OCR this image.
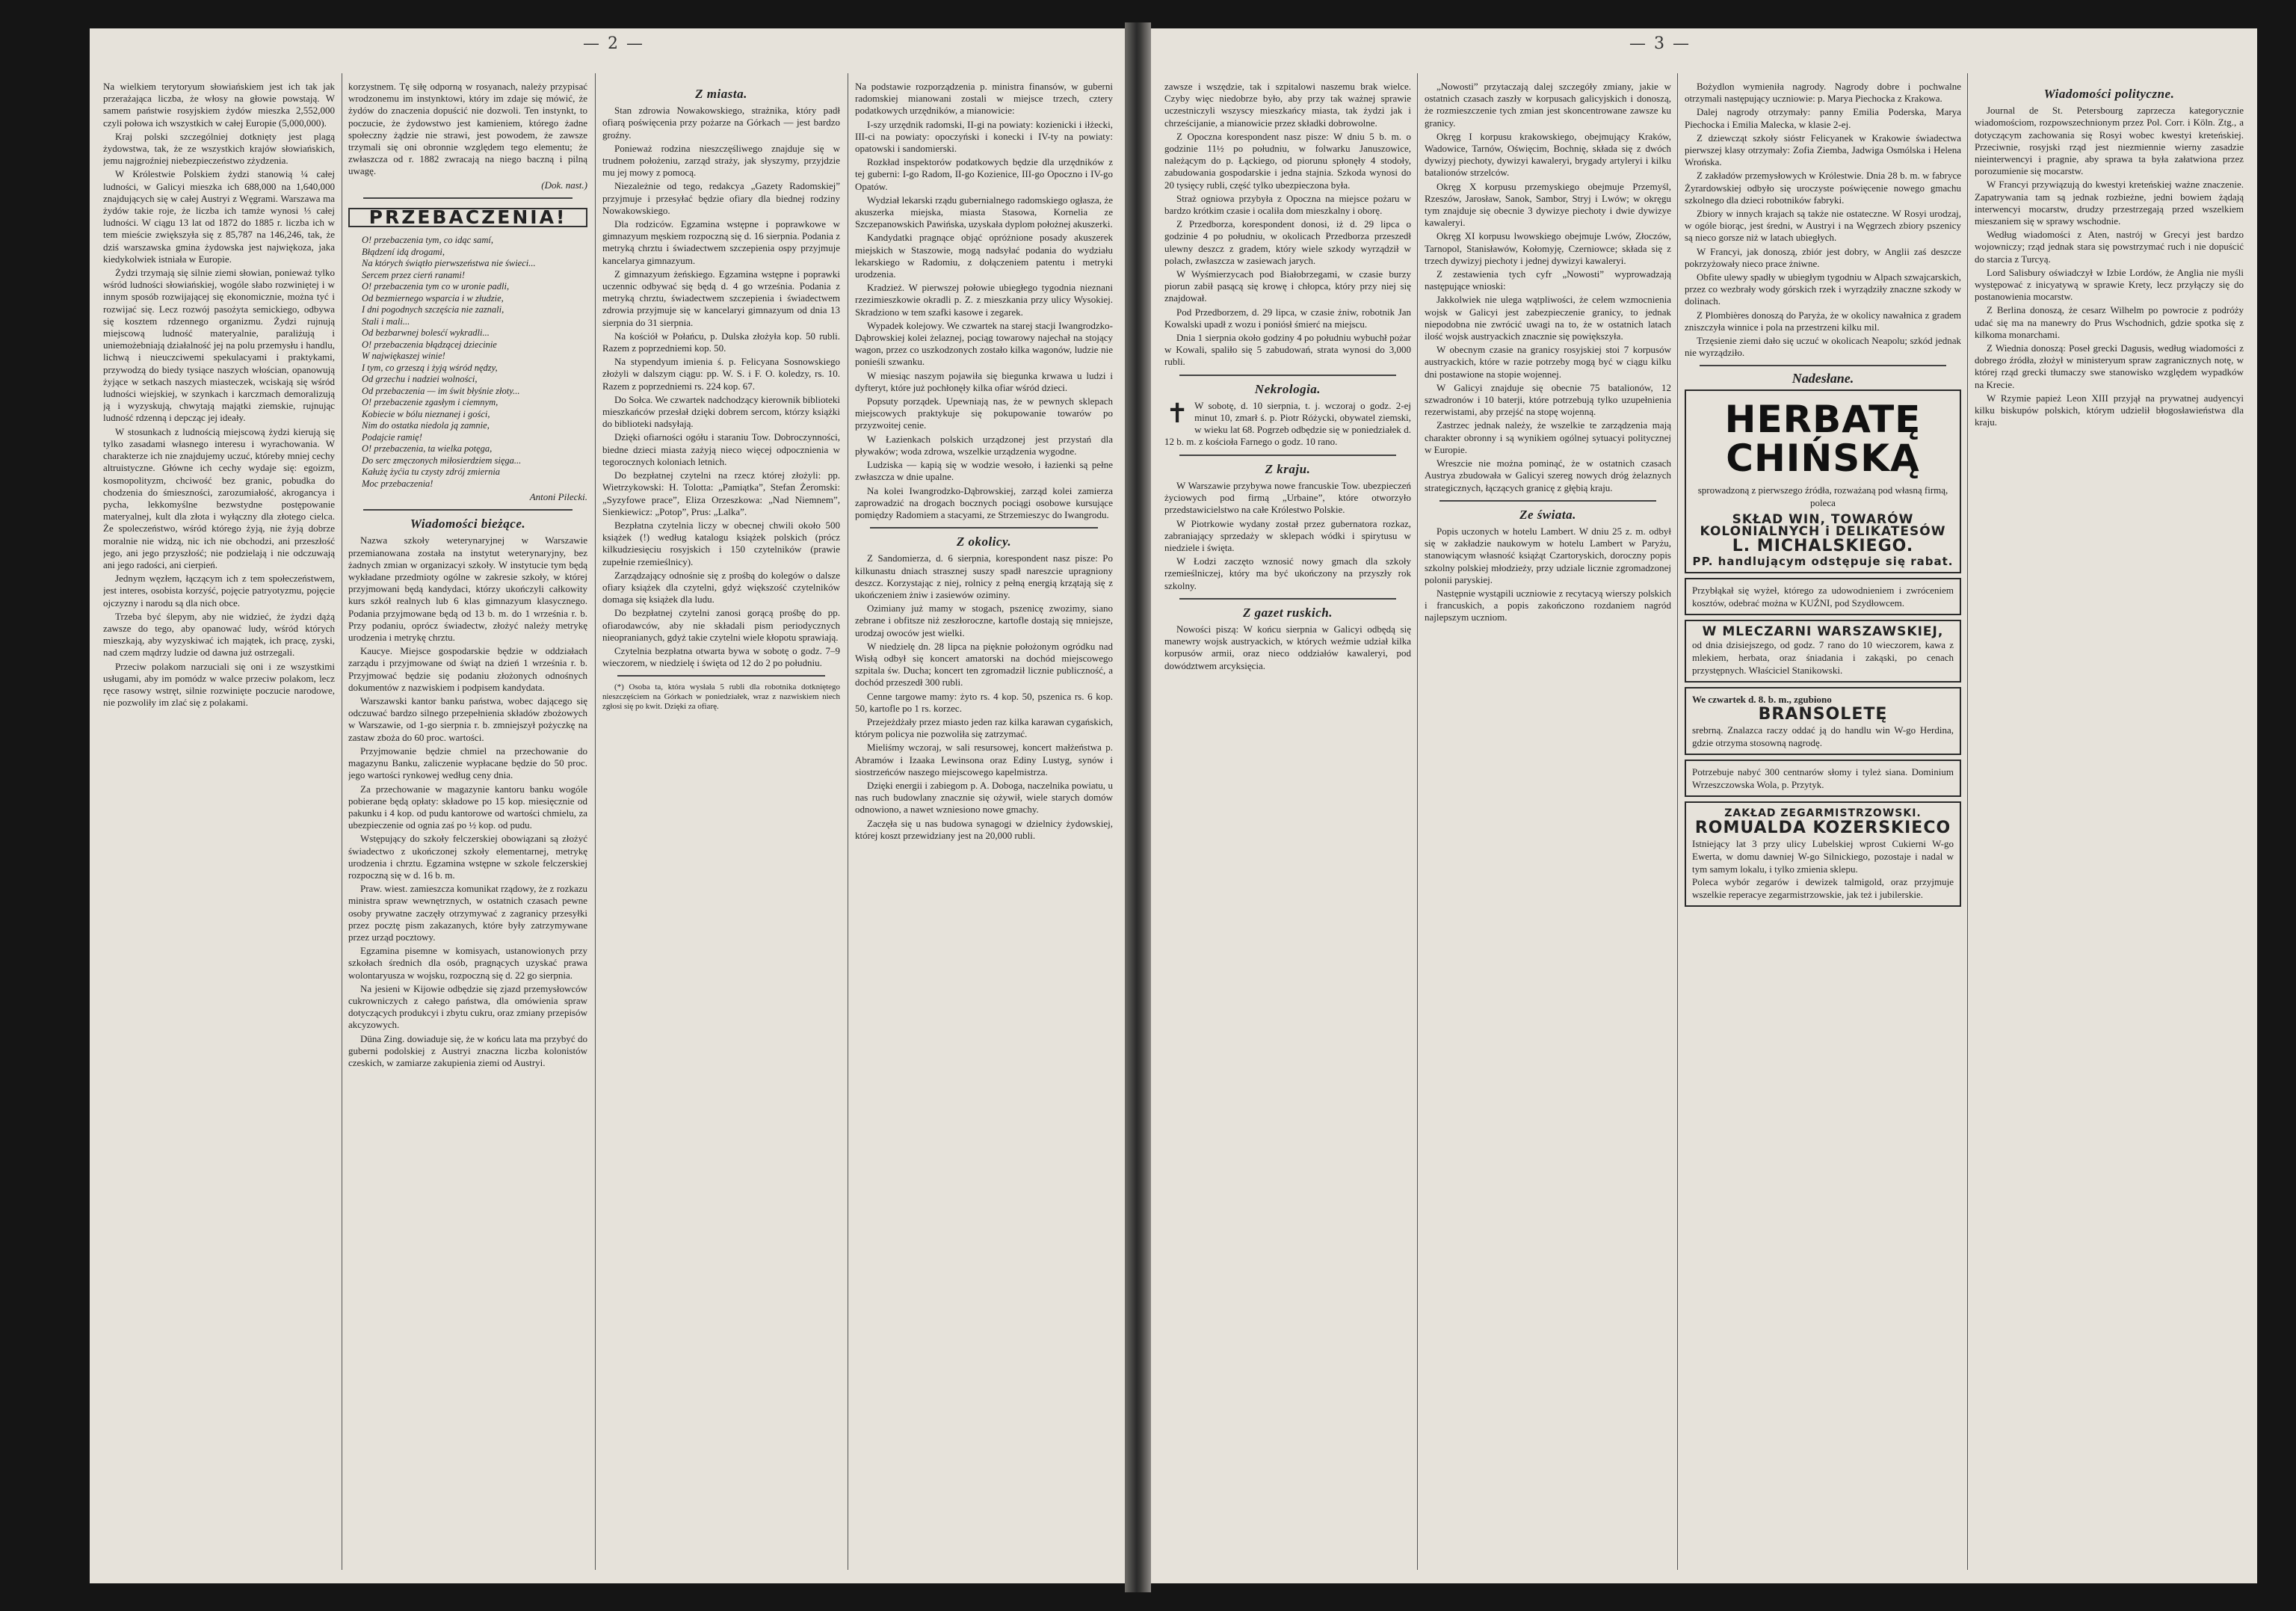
— 2 —

Na wielkiem terytoryum słowiańskiem jest ich tak jak przerażająca liczba, że włosy na głowie powstają. W samem państwie rosyjskiem żydów mieszka 2,552,000 czyli połowa ich wszystkich w całej Europie (5,000,000).

Kraj polski szczególniej dotknięty jest plagą żydowstwa, tak, że ze wszystkich krajów słowiańskich, jemu najgroźniej niebezpieczeństwo zżydzenia.

W Królestwie Polskiem żydzi stanowią ¼ całej ludności, w Galicyi mieszka ich 688,000 na 1,640,000 znajdujących się w całej Austryi z Węgrami. Warszawa ma żydów takie roje, że liczba ich tamże wynosi ⅓ całej ludności. W ciągu 13 lat od 1872 do 1885 r. liczba ich w tem mieście zwiększyła się z 85,787 na 146,246, tak, że dziś warszawska gmina żydowska jest najwiękoza, jaka kiedykolwiek istniała w Europie.

Żydzi trzymają się silnie ziemi słowian, ponieważ tylko wśród ludności słowiańskiej, wogóle słabo rozwiniętej i w innym sposób rozwijającej się ekonomicznie, można tyć i rozwijać się. Lecz rozwój pasożyta semickiego, odbywa się kosztem rdzennego organizmu. Żydzi rujnują miejscową ludność materyalnie, paraliżują i uniemożebniają działalność jej na polu przemysłu i handlu, lichwą i nieuczciwemi spekulacyami i praktykami, przywodzą do biedy tysiące naszych włościan, opanowują żyjące w setkach naszych miasteczek, wciskają się wśród ludności wiejskiej, w szynkach i karczmach demoralizują ją i wyzyskują, chwytają majątki ziemskie, rujnując ludność rdzenną i depcząc jej ideały.

W stosunkach z ludnością miejscową żydzi kierują się tylko zasadami własnego interesu i wyrachowania. W charakterze ich nie znajdujemy uczuć, któreby mniej cechy altruistyczne. Główne ich cechy wydaje się: egoizm, kosmopolityzm, chciwość bez granic, pobudka do chodzenia do śmieszności, zarozumiałość, akrogancya i pycha, lekkomyślne bezwstydne postępowanie materyalnej, kult dla złota i wyłączny dla złotego cielca. Że spoleczeństwo, wśród którego żyją, nie żyją dobrze moralnie nie widzą, nic ich nie obchodzi, ani przeszłość jego, ani jego przyszłość; nie podzielają i nie odczuwają ani jego radości, ani cierpień.

Jednym węzłem, łączącym ich z tem społeczeństwem, jest interes, osobista korzyść, pojęcie patryotyzmu, pojęcie ojczyzny i narodu są dla nich obce.

Trzeba być ślepym, aby nie widzieć, że żydzi dążą zawsze do tego, aby opanować ludy, wśród których mieszkają, aby wyzyskiwać ich majątek, ich pracę, zyski, nad czem mądrzy ludzie od dawna już ostrzegali.

Przeciw polakom narzuciali się oni i ze wszystkimi usługami, aby im pomódz w walce przeciw polakom, lecz ręce rasowy wstręt, silnie rozwinięte poczucie narodowe, nie pozwoliły im zlać się z polakami.

korzystnem. Tę siłę odporną w rosyanach, należy przypisać wrodzonemu im instynktowi, który im zdaje się mówić, że żydów do znaczenia dopuścić nie dozwoli. Ten instynkt, to poczucie, że żydowstwo jest kamieniem, którego żadne społeczny żądzie nie strawi, jest powodem, że zawsze trzymali się oni obronnie względem tego elementu; że zwłaszcza od r. 1882 zwracają na niego baczną i pilną uwagę.

(Dok. nast.)
PRZEBACZENIA!

O! przebaczenia tym, co idąc samí,

Błądzení idą drogami,

Na których świątło pierwszeństwa nie świeci...

Sercem przez cierń ranami!

O! przebaczenia tym co w uronie padli,

Od bezmiernego wsparcia i w złudzie,

I dni pogodnych szczęścia nie zaznali,

Stali i mali...

Od bezbarwnej bolesćí wykradli...

O! przebaczenia błądzącej dziecinie

W najwiękaszej winie!

I tym, co grzeszą i żyją wśród nędzy,

Od grzechu i nadziei wolności,

Od przebaczenia — im świt błyśnie złoty...

O! przebaczenie zgasłym i ciemnym,

Kobiecie w bólu nieznanej i gości,

Nim do ostatka niedola ją zamnie,

Podajcie ramię!

O! przebaczenia, ta wielka potęga,

Do serc zmęczonych miłosierdziem sięga...

Kałużę żyćia tu czysty zdrój zmiernia

Moc przebaczenia!

Antoni Pilecki.
Wiadomości bieżące.

Nazwa szkoły weterynaryjnej w Warszawie przemianowana została na instytut weterynaryjny, bez żadnych zmian w organizacyi szkoły. W instytucie tym będą wykładane przedmioty ogólne w zakresie szkoły, w której przyjmowani będą kandydaci, którzy ukończyli całkowity kurs szkół realnych lub 6 klas gimnazyum klasycznego. Podania przyjmowane będą od 13 b. m. do 1 września r. b. Przy podaniu, oprócz świadectw, złożyć należy metrykę urodzenia i metrykę chrztu.

Kaucye. Miejsce gospodarskie będzie w oddziałach zarządu i przyjmowane od świąt na dzień 1 września r. b. Przyjmować będzie się podaniu złożonych odnośnych dokumentów z nazwiskiem i podpisem kandydata.

Warszawski kantor banku państwa, wobec dającego się odczuwać bardzo silnego przepełnienia składów zbożowych w Warszawie, od 1-go sierpnia r. b. zmniejszył pożyczkę na zastaw zboża do 60 proc. wartości.

Przyjmowanie będzie chmiel na przechowanie do magazynu Banku, zaliczenie wypłacane będzie do 50 proc. jego wartości rynkowej według ceny dnia.

Za przechowanie w magazynie kantoru banku wogóle pobierane będą opłaty: składowe po 15 kop. miesięcznie od pakunku i 4 kop. od pudu kantorowe od wartości chmielu, za ubezpieczenie od ognia zaś po ½ kop. od pudu.

Wstępujący do szkoły felczerskiej obowiązani są złożyć świadectwo z ukończonej szkoły elementarnej, metrykę urodzenia i chrztu. Egzamina wstępne w szkole felczerskiej rozpoczną się w d. 16 b. m.

Praw. wiest. zamieszcza komunikat rządowy, że z rozkazu ministra spraw wewnętrznych, w ostatnich czasach pewne osoby prywatne zaczęły otrzymywać z zagranicy przesyłki przez pocztę pism zakazanych, które były zatrzymywane przez urząd pocztowy.

Egzamina pisemne w komisyach, ustanowionych przy szkołach średnich dla osób, pragnących uzyskać prawa wolontaryusza w wojsku, rozpoczną się d. 22 go sierpnia.

Na jesieni w Kijowie odbędzie się zjazd przemysłowców cukrowniczych z całego państwa, dla omówienia spraw dotyczących produkcyi i zbytu cukru, oraz zmiany przepisów akcyzowych.

Düna Zing. dowiaduje się, że w końcu lata ma przybyć do guberni podolskiej z Austryi znaczna liczba kolonistów czeskich, w zamiarze zakupienia ziemi od Austryi.

Z miasta.

Stan zdrowia Nowakowskiego, strażnika, który padł ofiarą poświęcenia przy pożarze na Górkach — jest bardzo groźny.

Ponieważ rodzina nieszczęśliwego znajduje się w trudnem położeniu, zarząd straży, jak słyszymy, przyjdzie mu jej mowy z pomocą.

Niezależnie od tego, redakcya „Gazety Radomskiej” przyjmuje i przesyłać będzie ofiary dla biednej rodziny Nowakowskiego.

Dla rodziców. Egzamina wstępne i poprawkowe w gimnazyum męskiem rozpoczną się d. 16 sierpnia. Podania z metryką chrztu i świadectwem szczepienia ospy przyjmuje kancelarya gimnazyum.

Z gimnazyum żeńskiego. Egzamina wstępne i poprawki uczennic odbywać się będą d. 4 go września. Podania z metryką chrztu, świadectwem szczepienia i świadectwem zdrowia przyjmuje się w kancelaryi gimnazyum od dnia 13 sierpnia do 31 sierpnia.

Na kościół w Połańcu, p. Dulska złożyła kop. 50 rubli. Razem z poprzedniemi kop. 50.

Na stypendyum imienia ś. p. Felicyana Sosnowskiego złożyli w dalszym ciągu: pp. W. S. i F. O. koledzy, rs. 10. Razem z poprzedniemi rs. 224 kop. 67.

Do Sołca. We czwartek nadchodzący kierownik biblioteki mieszkańców przesłał dzięki dobrem sercom, którzy książki do biblioteki nadsyłają.

Dzięki ofiarności ogółu i staraniu Tow. Dobroczynności, biedne dzieci miasta zażyją nieco więcej odpocznienia w tegorocznych koloniach letnich.

Do bezpłatnej czytelni na rzecz której złożyli: pp. Wietrzykowski: H. Tolotta: „Pamiątka”, Stefan Żeromski: „Syzyfowe prace”, Eliza Orzeszkowa: „Nad Niemnem”, Sienkiewicz: „Potop”, Prus: „Lalka”.

Bezpłatna czytelnia liczy w obecnej chwili około 500 książek (!) według katalogu książek polskich (prócz kilkudziesięciu rosyjskich i 150 czytelników (prawie zupełnie rzemieślnicy).

Zarządzający odnośnie się z prośbą do kolegów o dalsze ofiary książek dla czytelni, gdyż większość czytelników domaga się książek dla ludu.

Do bezpłatnej czytelni zanosi gorącą prośbę do pp. ofiarodawców, aby nie składali pism periodycznych nieopranianych, gdyż takie czytelni wiele kłopotu sprawiają.

Czytelnia bezpłatna otwarta bywa w sobotę o godz. 7–9 wieczorem, w niedzielę i święta od 12 do 2 po południu.

(*) Osoba ta, która wysłała 5 rubli dla robotnika dotkniętego nieszczęściem na Górkach w poniedziałek, wraz z nazwiskiem niech zgłosi się po kwit. Dzięki za ofiarę.

Na podstawie rozporządzenia p. ministra finansów, w guberni radomskiej mianowani zostali w miejsce trzech, cztery podatkowych urzędników, a mianowicie:

I-szy urzędnik radomski, II-gi na powiaty: kozienicki i iłżecki, III-ci na powiaty: opoczyński i konecki i IV-ty na powiaty: opatowski i sandomierski.

Rozkład inspektorów podatkowych będzie dla urzędników z tej guberni: I-go Radom, II-go Kozienice, III-go Opoczno i IV-go Opatów.

Wydział lekarski rządu gubernialnego radomskiego ogłasza, że akuszerka miejska, miasta Stasowa, Kornelia ze Szczepanowskich Pawińska, uzyskała dyplom położnej akuszerki.

Kandydatki pragnące objąć opróżnione posady akuszerek miejskich w Staszowie, mogą nadsyłać podania do wydziału lekarskiego w Radomiu, z dołączeniem patentu i metryki urodzenia.

Kradzież. W pierwszej połowie ubiegłego tygodnia nieznani rzezimieszkowie okradli p. Z. z mieszkania przy ulicy Wysokiej. Skradziono w tem szafki kasowe i zegarek.

Wypadek kolejowy. We czwartek na starej stacji Iwangrodzko-Dąbrowskiej kolei żelaznej, pociąg towarowy najechał na stojący wagon, przez co uszkodzonych zostało kilka wagonów, ludzie nie ponieśli szwanku.

W miesiąc naszym pojawiła się biegunka krwawa u ludzi i dyfteryt, które już pochłonęły kilka ofiar wśród dzieci.

Popsuty porządek. Upewniają nas, że w pewnych sklepach miejscowych praktykuje się pokupowanie towarów po przyzwoitej cenie.

W Łazienkach polskich urządzonej jest przystań dla pływaków; woda zdrowa, wszelkie urządzenia wygodne.

Ludziska — kapią się w wodzie wesoło, i łazienki są pełne zwłaszcza w dnie upalne.

Na kolei Iwangrodzko-Dąbrowskiej, zarząd kolei zamierza zaprowadzić na drogach bocznych pociągi osobowe kursujące pomiędzy Radomiem a stacyami, ze Strzemieszyc do Iwangrodu.

Z okolicy.

Z Sandomierza, d. 6 sierpnia, korespondent nasz pisze: Po kilkunastu dniach strasznej suszy spadł nareszcie upragniony deszcz. Korzystając z niej, rolnicy z pełną energią krzątają się z ukończeniem żniw i zasiewów oziminy.

Ozimiany już mamy w stogach, pszenicę zwozimy, siano zebrane i obfitsze niż zeszłoroczne, kartofle dostają się mniejsze, urodzaj owoców jest wielki.

W niedzielę dn. 28 lipca na pięknie położonym ogródku nad Wisłą odbył się koncert amatorski na dochód miejscowego szpitala św. Ducha; koncert ten zgromadził licznie publiczność, a dochód przeszedł 300 rubli.

Cenne targowe mamy: żyto rs. 4 kop. 50, pszenica rs. 6 kop. 50, kartofle po 1 rs. korzec.

Przejeżdżały przez miasto jeden raz kilka karawan cygańskich, którym policya nie pozwoliła się zatrzymać.

Mieliśmy wczoraj, w sali resursowej, koncert małżeństwa p. Abramów i Izaaka Lewinsona oraz Ediny Lustyg, synów i siostrzeńców naszego miejscowego kapelmistrza.

Dzięki energii i zabiegom p. A. Doboga, naczelnika powiatu, u nas ruch budowlany znacznie się ożywił, wiele starych domów odnowiono, a nawet wzniesiono nowe gmachy.

Zaczęła się u nas budowa synagogi w dzielnicy żydowskiej, której koszt przewidziany jest na 20,000 rubli.

— 3 —

zawsze i wszędzie, tak i szpitalowi naszemu brak wielce. Czyby więc niedobrze było, aby przy tak ważnej sprawie uczestniczyli wszyscy mieszkańcy miasta, tak żydzi jak i chrześcijanie, a mianowicie przez składki dobrowolne.

Z Opoczna korespondent nasz pisze: W dniu 5 b. m. o godzinie 11½ po południu, w folwarku Januszowice, należącym do p. Łąckiego, od piorunu spłonęły 4 stodoły, zabudowania gospodarskie i jedna stajnia. Szkoda wynosi do 20 tysięcy rubli, część tylko ubezpieczona była.

Straż ogniowa przybyła z Opoczna na miejsce pożaru w bardzo krótkim czasie i ocaliła dom mieszkalny i oborę.

Z Przedborza, korespondent donosi, iż d. 29 lipca o godzinie 4 po południu, w okolicach Przedborza przeszedł ulewny deszcz z gradem, który wiele szkody wyrządził w polach, zwłaszcza w zasiewach jarych.

W Wyśmierzycach pod Białobrzegami, w czasie burzy piorun zabił pasącą się krowę i chłopca, który przy niej się znajdował.

Pod Przedborzem, d. 29 lipca, w czasie żniw, robotnik Jan Kowalski upadł z wozu i poniósł śmierć na miejscu.

Dnia 1 sierpnia około godziny 4 po południu wybuchł pożar w Kowali, spaliło się 5 zabudowań, strata wynosi do 3,000 rubli.

Nekrologia.

✝ W sobotę, d. 10 sierpnia, t. j. wczoraj o godz. 2-ej minut 10, zmarł ś. p. Piotr Różycki, obywatel ziemski, w wieku lat 68. Pogrzeb odbędzie się w poniedziałek d. 12 b. m. z kościoła Farnego o godz. 10 rano.

Z kraju.

W Warszawie przybywa nowe francuskie Tow. ubezpieczeń życiowych pod firmą „Urbaine”, które otworzyło przedstawicielstwo na całe Królestwo Polskie.

W Piotrkowie wydany został przez gubernatora rozkaz, zabraniający sprzedaży w sklepach wódki i spirytusu w niedziele i święta.

W Łodzi zaczęto wznosić nowy gmach dla szkoły rzemieślniczej, który ma być ukończony na przyszły rok szkolny.

Z gazet ruskich.

Nowości piszą: W końcu sierpnia w Galicyi odbędą się manewry wojsk austryackich, w których weźmie udział kilka korpusów armii, oraz nieco oddziałów kawaleryi, pod dowództwem arcyksięcia.

„Nowosti” przytaczają dalej szczegóły zmiany, jakie w ostatnich czasach zaszły w korpusach galicyjskich i donoszą, że rozmieszczenie tych zmian jest skoncentrowane zawsze ku granicy.

Okręg I korpusu krakowskiego, obejmujący Kraków, Wadowice, Tarnów, Oświęcim, Bochnię, składa się z dwóch dywizyj piechoty, dywizyi kawaleryi, brygady artyleryi i kilku batalionów strzelców.

Okręg X korpusu przemyskiego obejmuje Przemyśl, Rzeszów, Jarosław, Sanok, Sambor, Stryj i Lwów; w okręgu tym znajduje się obecnie 3 dywizye piechoty i dwie dywizye kawaleryi.

Okręg XI korpusu lwowskiego obejmuje Lwów, Złoczów, Tarnopol, Stanisławów, Kołomyję, Czerniowce; składa się z trzech dywizyj piechoty i jednej dywizyi kawaleryi.

Z zestawienia tych cyfr „Nowosti” wyprowadzają następujące wnioski:

Jakkolwiek nie ulega wątpliwości, że celem wzmocnienia wojsk w Galicyi jest zabezpieczenie granicy, to jednak niepodobna nie zwrócić uwagi na to, że w ostatnich latach ilość wojsk austryackich znacznie się powiększyła.

W obecnym czasie na granicy rosyjskiej stoi 7 korpusów austryackich, które w razie potrzeby mogą być w ciągu kilku dni postawione na stopie wojennej.

W Galicyi znajduje się obecnie 75 batalionów, 12 szwadronów i 10 baterji, które potrzebują tylko uzupełnienia rezerwistami, aby przejść na stopę wojenną.

Zastrzec jednak należy, że wszelkie te zarządzenia mają charakter obronny i są wynikiem ogólnej sytuacyi politycznej w Europie.

Wreszcie nie można pominąć, że w ostatnich czasach Austrya zbudowała w Galicyi szereg nowych dróg żelaznych strategicznych, łączących granicę z głębią kraju.

Ze świata.

Popis uczonych w hotelu Lambert. W dniu 25 z. m. odbył się w zakładzie naukowym w hotelu Lambert w Paryżu, stanowiącym własność książąt Czartoryskich, doroczny popis szkolny polskiej młodzieży, przy udziale licznie zgromadzonej polonii paryskiej.

Następnie wystąpili uczniowie z recytacyą wierszy polskich i francuskich, a popis zakończono rozdaniem nagród najlepszym uczniom.

Bożydlon wymieniła nagrody. Nagrody dobre i pochwalne otrzymali następujący uczniowie: p. Marya Piechocka z Krakowa.

Dalej nagrody otrzymały: panny Emilia Poderska, Marya Piechocka i Emilia Malecka, w klasie 2-ej.

Z dziewcząt szkoły sióstr Felicyanek w Krakowie świadectwa pierwszej klasy otrzymały: Zofia Ziemba, Jadwiga Osmólska i Helena Wrońska.

Z zakładów przemysłowych w Królestwie. Dnia 28 b. m. w fabryce Żyrardowskiej odbyło się uroczyste poświęcenie nowego gmachu szkolnego dla dzieci robotników fabryki.

Zbiory w innych krajach są także nie ostateczne. W Rosyi urodzaj, w ogóle biorąc, jest średni, w Austryi i na Węgrzech zbiory pszenicy są nieco gorsze niż w latach ubiegłych.

W Francyi, jak donoszą, zbiór jest dobry, w Anglii zaś deszcze pokrzyżowały nieco prace żniwne.

Obfite ulewy spadły w ubiegłym tygodniu w Alpach szwajcarskich, przez co wezbrały wody górskich rzek i wyrządziły znaczne szkody w dolinach.

Z Plombières donoszą do Paryża, że w okolicy nawałnica z gradem zniszczyła winnice i pola na przestrzeni kilku mil.

Trzęsienie ziemi dało się uczuć w okolicach Neapolu; szkód jednak nie wyrządziło.

Nadesłane.
HERBATĘ CHIŃSKĄ
sprowadzoną z pierwszego źródła, rozważaną pod własną firmą, poleca
SKŁAD WIN, TOWARÓW KOLONIALNYCH i DELIKATESÓW
L. MICHALSKIEGO.
PP. handlującym odstępuje się rabat.
Przybłąkał się wyżeł, którego za udowodnieniem i zwróceniem kosztów, odebrać można w KUŹNI, pod Szydłowcem.
W MLECZARNI WARSZAWSKIEJ,
od dnia dzisiejszego, od godz. 7 rano do 10 wieczorem, kawa z mlekiem, herbata, oraz śniadania i zakąski, po cenach przystępnych. Właściciel Stanikowski.
We czwartek d. 8. b. m., zgubiono
BRANSOLETĘ
srebrną. Znalazca raczy oddać ją do handlu win W-go Herdina, gdzie otrzyma stosowną nagrodę.
Potrzebuje nabyć 300 centnarów słomy i tyleż siana. Dominium Wrzeszczowska Wola, p. Przytyk.
ZAKŁAD ZEGARMISTRZOWSKI.
ROMUALDA KOZERSKIECO
Istniejący lat 3 przy ulicy Lubelskiej wprost Cukierni W-go Ewerta, w domu dawniej W-go Silnickiego, pozostaje i nadal w tym samym lokalu, i tylko zmienia sklepu.
Poleca wybór zegarów i dewizek talmigold, oraz przyjmuje wszelkie reperacye zegarmistrzowskie, jak też i jubilerskie.
Wiadomości polityczne.

Journal de St. Petersbourg zaprzecza kategorycznie wiadomościom, rozpowszechnionym przez Pol. Corr. i Köln. Ztg., a dotyczącym zachowania się Rosyi wobec kwestyi kreteńskiej. Przeciwnie, rosyjski rząd jest niezmiennie wierny zasadzie nieinterwencyi i pragnie, aby sprawa ta była załatwiona przez porozumienie się mocarstw.

W Francyi przywiązują do kwestyi kreteńskiej ważne znaczenie. Zapatrywania tam są jednak rozbieżne, jedni bowiem żądają interwencyi mocarstw, drudzy przestrzegają przed wszelkiem mieszaniem się w sprawy wschodnie.

Według wiadomości z Aten, nastrój w Grecyi jest bardzo wojowniczy; rząd jednak stara się powstrzymać ruch i nie dopuścić do starcia z Turcyą.

Lord Salisbury oświadczył w Izbie Lordów, że Anglia nie myśli występować z inicyatywą w sprawie Krety, lecz przyłączy się do postanowienia mocarstw.

Z Berlina donoszą, że cesarz Wilhelm po powrocie z podróży udać się ma na manewry do Prus Wschodnich, gdzie spotka się z kilkoma monarchami.

Z Wiednia donoszą: Poseł grecki Dagusis, według wiadomości z dobrego źródła, złożył w ministeryum spraw zagranicznych notę, w której rząd grecki tłumaczy swe stanowisko względem wypadków na Krecie.

W Rzymie papież Leon XIII przyjął na prywatnej audyencyi kilku biskupów polskich, którym udzielił błogosławieństwa dla kraju.
